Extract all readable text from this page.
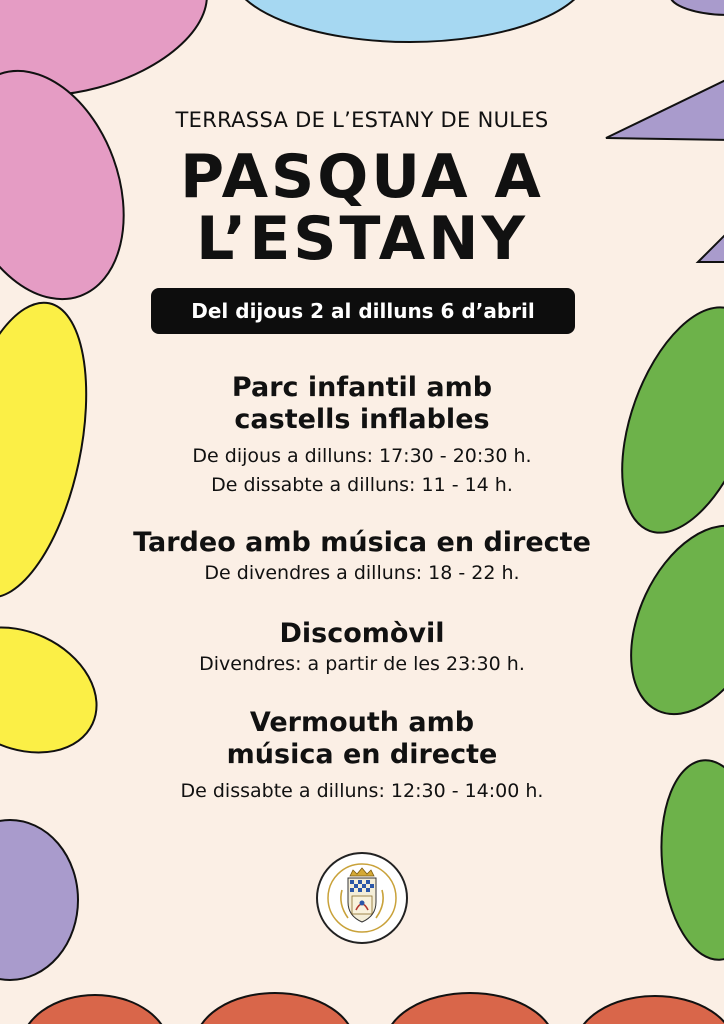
TERRASSA DE L’ESTANY DE NULES
PASQUA A
L’ESTANY
Del dijous 2 al dilluns 6 d’abril
Parc infantil amb
castells inflables
De dijous a dilluns: 17:30 - 20:30 h.
De dissabte a dilluns: 11 - 14 h.
Tardeo amb música en directe
De divendres a dilluns: 18 - 22 h.
Discomòvil
Divendres: a partir de les 23:30 h.
Vermouth amb
música en directe
De dissabte a dilluns: 12:30 - 14:00 h.
